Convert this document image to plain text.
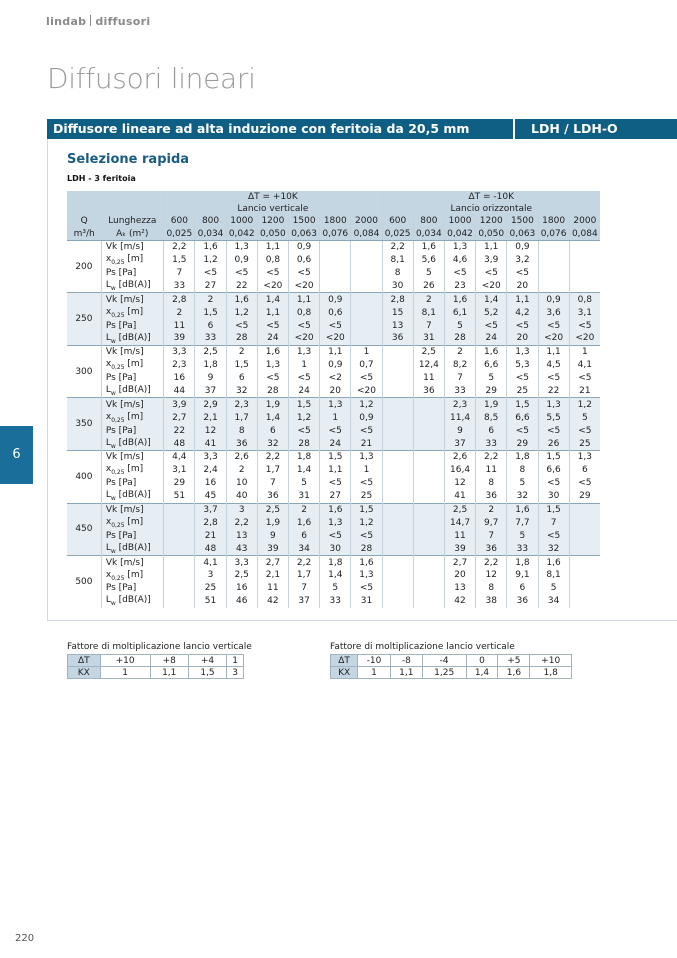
lindab diffusori
Diffusori lineari
Diffusore lineare ad alta induzione con feritoia da 20,5 mm	LDH / LDH-O
Selezione rapida
LDH - 3 feritoia
6
220
		ΔT = +10K							ΔT = -10K						
		Lancio verticale							Lancio orizzontale						
Q	Lunghezza	600	800	1000	1200	1500	1800	2000	600	800	1000	1200	1500	1800	2000
m³/h	Aₖ (m²)	0,025	0,034	0,042	0,050	0,063	0,076	0,084	0,025	0,034	0,042	0,050	0,063	0,076	0,084
200	Vk [m/s]	2,2	1,6	1,3	1,1	0,9			2,2	1,6	1,3	1,1	0,9		
	$x_{0,25}$ [m]	1,5	1,2	0,9	0,8	0,6			8,1	5,6	4,6	3,9	3,2		
	Ps [Pa]	7	<5	<5	<5	<5			8	5	<5	<5	<5		
	$L_w$ [dB(A)]	33	27	22	<20	<20			30	26	23	<20	20		
250	Vk [m/s]	2,8	2	1,6	1,4	1,1	0,9		2,8	2	1,6	1,4	1,1	0,9	0,8
	$x_{0,25}$ [m]	2	1,5	1,2	1,1	0,8	0,6		15	8,1	6,1	5,2	4,2	3,6	3,1
	Ps [Pa]	11	6	<5	<5	<5	<5		13	7	5	<5	<5	<5	<5
	$L_w$ [dB(A)]	39	33	28	24	<20	<20		36	31	28	24	20	<20	<20
300	Vk [m/s]	3,3	2,5	2	1,6	1,3	1,1	1		2,5	2	1,6	1,3	1,1	1
	$x_{0,25}$ [m]	2,3	1,8	1,5	1,3	1	0,9	0,7		12,4	8,2	6,6	5,3	4,5	4,1
	Ps [Pa]	16	9	6	<5	<5	<2	<5		11	7	5	<5	<5	<5
	$L_w$ [dB(A)]	44	37	32	28	24	20	<20		36	33	29	25	22	21
350	Vk [m/s]	3,9	2,9	2,3	1,9	1,5	1,3	1,2			2,3	1,9	1,5	1,3	1,2
	$x_{0,25}$ [m]	2,7	2,1	1,7	1,4	1,2	1	0,9			11,4	8,5	6,6	5,5	5
	Ps [Pa]	22	12	8	6	<5	<5	<5			9	6	<5	<5	<5
	$L_w$ [dB(A)]	48	41	36	32	28	24	21			37	33	29	26	25
400	Vk [m/s]	4,4	3,3	2,6	2,2	1,8	1,5	1,3			2,6	2,2	1,8	1,5	1,3
	$x_{0,25}$ [m]	3,1	2,4	2	1,7	1,4	1,1	1			16,4	11	8	6,6	6
	Ps [Pa]	29	16	10	7	5	<5	<5			12	8	5	<5	<5
	$L_w$ [dB(A)]	51	45	40	36	31	27	25			41	36	32	30	29
450	Vk [m/s]		3,7	3	2,5	2	1,6	1,5			2,5	2	1,6	1,5	
	$x_{0,25}$ [m]		2,8	2,2	1,9	1,6	1,3	1,2			14,7	9,7	7,7	7	
	Ps [Pa]		21	13	9	6	<5	<5			11	7	5	<5	
	$L_w$ [dB(A)]		48	43	39	34	30	28			39	36	33	32	
500	Vk [m/s]		4,1	3,3	2,7	2,2	1,8	1,6			2,7	2,2	1,8	1,6	
	$x_{0,25}$ [m]		3	2,5	2,1	1,7	1,4	1,3			20	12	9,1	8,1	
	Ps [Pa]		25	16	11	7	5	<5			13	8	6	5	
	$L_w$ [dB(A)]		51	46	42	37	33	31			42	38	36	34	
Fattore di moltiplicazione lancio verticale
ΔT	+10	+8	+4	1
KX	1	1,1	1,5	3
Fattore di moltiplicazione lancio verticale
ΔT	-10	-8	-4	0	+5	+10
KX	1	1,1	1,25	1,4	1,6	1,8
